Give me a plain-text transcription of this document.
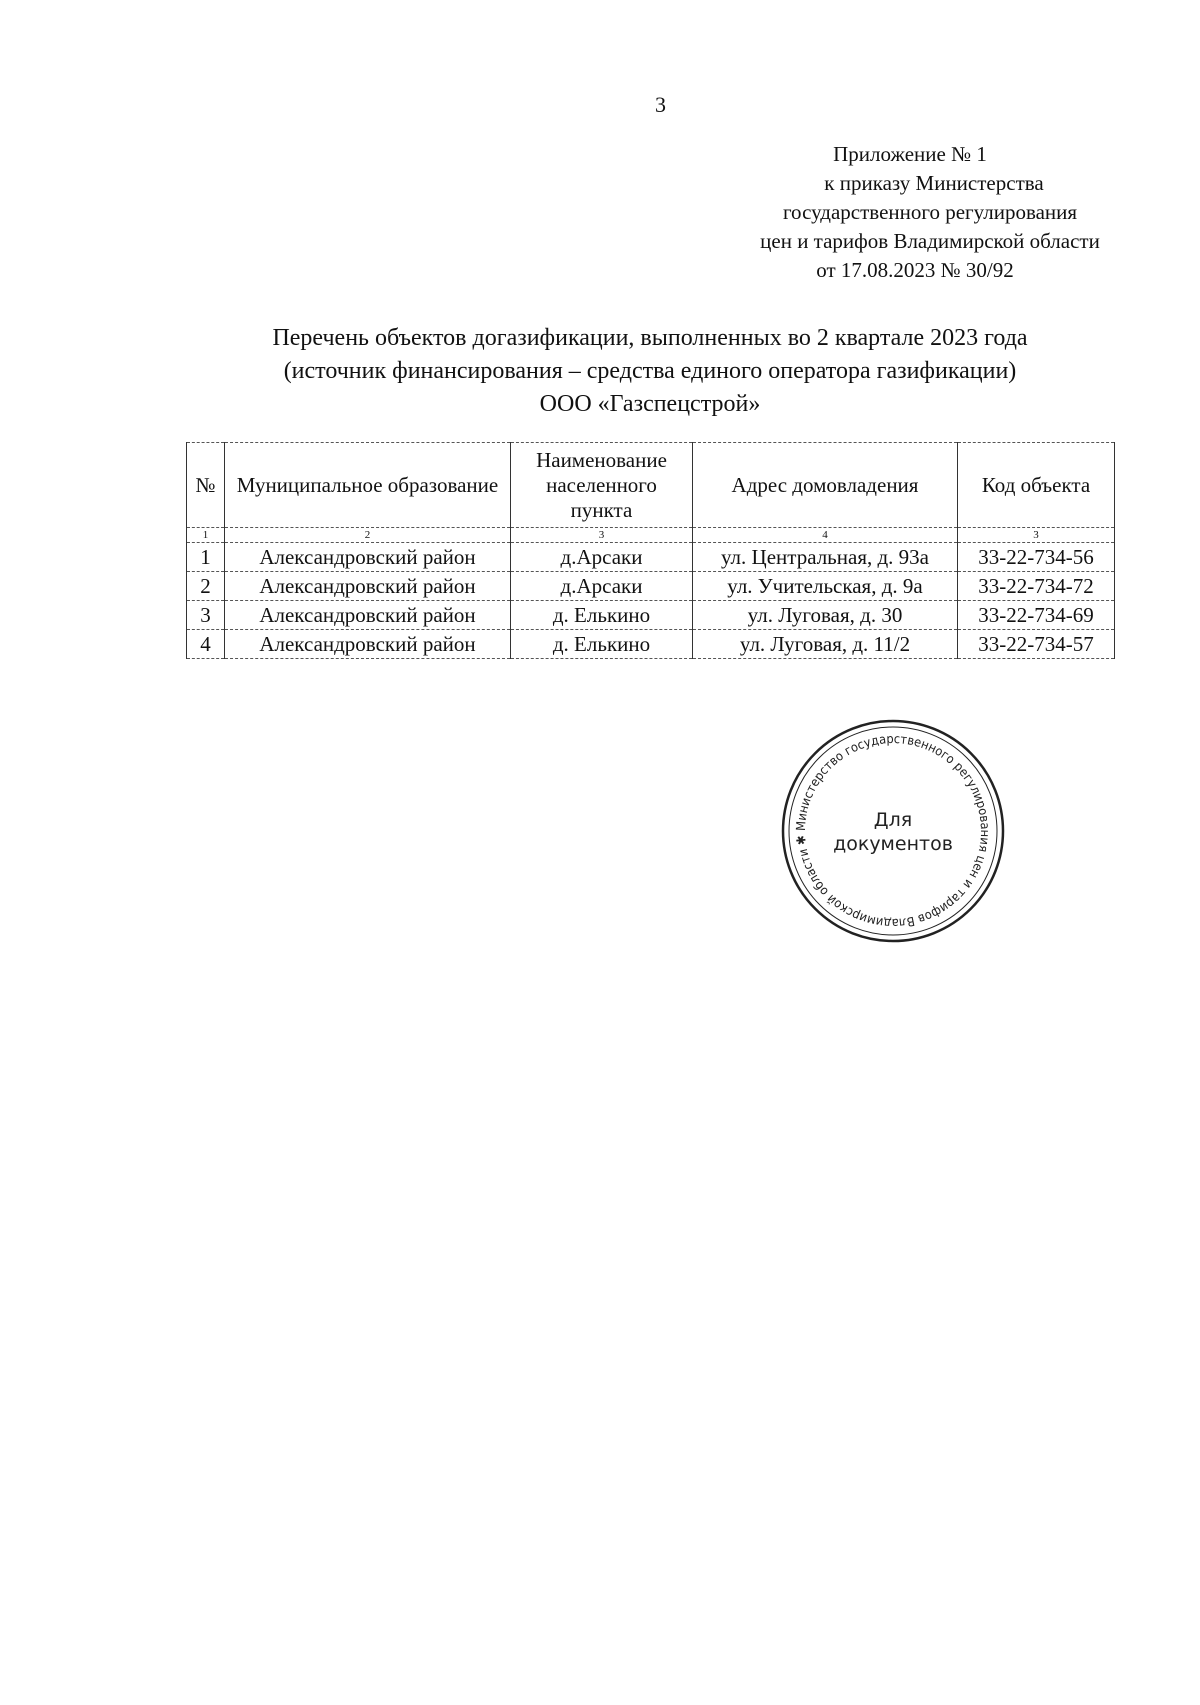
3
Приложение № 1
к приказу Министерства
государственного регулирования
цен и тарифов Владимирской области
от 17.08.2023 № 30/92
Перечень объектов догазификации, выполненных во 2 квартале 2023 года
(источник финансирования – средства единого оператора газификации)
ООО «Газспецстрой»
№	Муниципальное образование	Наименование населенного пункта	Адрес домовладения	Код объекта
1	2	3	4	3
1	Александровский район	д.Арсаки	ул. Центральная, д. 93а	33-22-734-56
2	Александровский район	д.Арсаки	ул. Учительская, д. 9а	33-22-734-72
3	Александровский район	д. Елькино	ул. Луговая, д. 30	33-22-734-69
4	Александровский район	д. Елькино	ул. Луговая, д. 11/2	33-22-734-57
Министерство государственного регулирования цен и тарифов Владимирской области ✱
Для
документов
